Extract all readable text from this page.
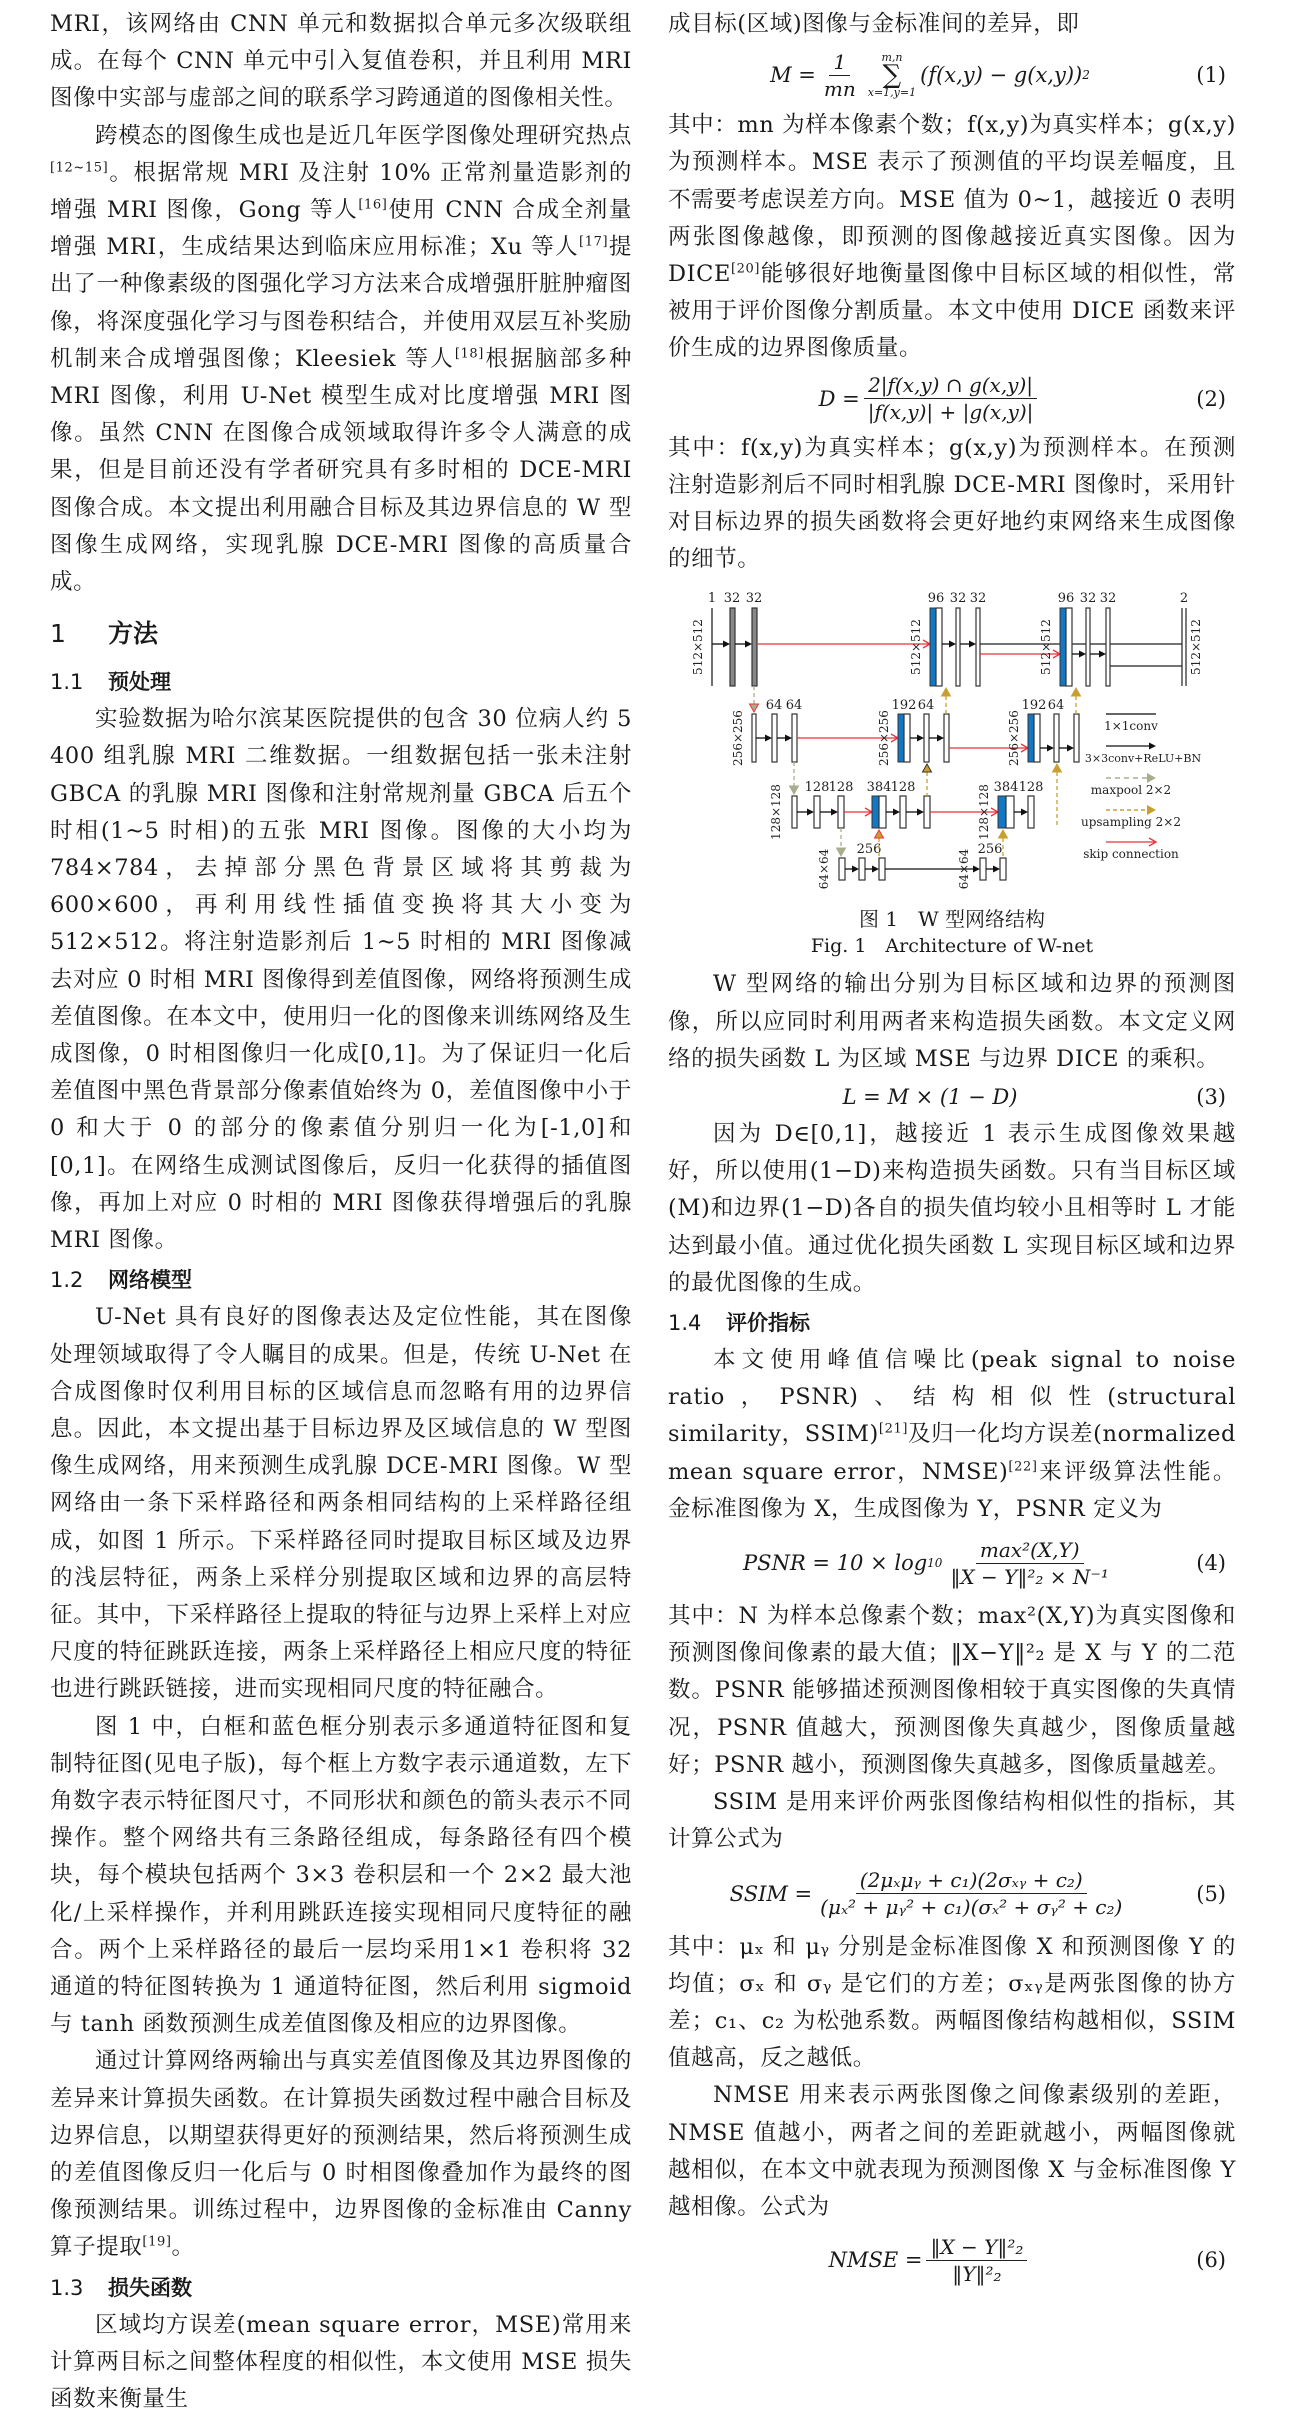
MRI，该网络由 CNN 单元和数据拟合单元多次级联组成。在每个 CNN 单元中引入复值卷积，并且利用 MRI 图像中实部与虚部之间的联系学习跨通道的图像相关性。

跨模态的图像生成也是近几年医学图像处理研究热点[12~15]。根据常规 MRI 及注射 10% 正常剂量造影剂的增强 MRI 图像，Gong 等人[16]使用 CNN 合成全剂量增强 MRI，生成结果达到临床应用标准；Xu 等人[17]提出了一种像素级的图强化学习方法来合成增强肝脏肿瘤图像，将深度强化学习与图卷积结合，并使用双层互补奖励机制来合成增强图像；Kleesiek 等人[18]根据脑部多种 MRI 图像，利用 U-Net 模型生成对比度增强 MRI 图像。虽然 CNN 在图像合成领域取得许多令人满意的成果，但是目前还没有学者研究具有多时相的 DCE-MRI 图像合成。本文提出利用融合目标及其边界信息的 W 型图像生成网络，实现乳腺 DCE-MRI 图像的高质量合成。

1 方法
1.1 预处理

实验数据为哈尔滨某医院提供的包含 30 位病人约 5 400 组乳腺 MRI 二维数据。一组数据包括一张未注射 GBCA 的乳腺 MRI 图像和注射常规剂量 GBCA 后五个时相(1~5 时相)的五张 MRI 图像。图像的大小均为 784×784，去掉部分黑色背景区域将其剪裁为 600×600，再利用线性插值变换将其大小变为 512×512。将注射造影剂后 1~5 时相的 MRI 图像减去对应 0 时相 MRI 图像得到差值图像，网络将预测生成差值图像。在本文中，使用归一化的图像来训练网络及生成图像，0 时相图像归一化成[0,1]。为了保证归一化后差值图中黑色背景部分像素值始终为 0，差值图像中小于 0 和大于 0 的部分的像素值分别归一化为[-1,0]和[0,1]。在网络生成测试图像后，反归一化获得的插值图像，再加上对应 0 时相的 MRI 图像获得增强后的乳腺 MRI 图像。

1.2 网络模型

U-Net 具有良好的图像表达及定位性能，其在图像处理领域取得了令人瞩目的成果。但是，传统 U-Net 在合成图像时仅利用目标的区域信息而忽略有用的边界信息。因此，本文提出基于目标边界及区域信息的 W 型图像生成网络，用来预测生成乳腺 DCE-MRI 图像。W 型网络由一条下采样路径和两条相同结构的上采样路径组成，如图 1 所示。下采样路径同时提取目标区域及边界的浅层特征，两条上采样分别提取区域和边界的高层特征。其中，下采样路径上提取的特征与边界上采样上对应尺度的特征跳跃连接，两条上采样路径上相应尺度的特征也进行跳跃链接，进而实现相同尺度的特征融合。

图 1 中，白框和蓝色框分别表示多通道特征图和复制特征图(见电子版)，每个框上方数字表示通道数，左下角数字表示特征图尺寸，不同形状和颜色的箭头表示不同操作。整个网络共有三条路径组成，每条路径有四个模块，每个模块包括两个 3×3 卷积层和一个 2×2 最大池化/上采样操作，并利用跳跃连接实现相同尺度特征的融合。两个上采样路径的最后一层均采用1×1 卷积将 32 通道的特征图转换为 1 通道特征图，然后利用 sigmoid 与 tanh 函数预测生成差值图像及相应的边界图像。

通过计算网络两输出与真实差值图像及其边界图像的差异来计算损失函数。在计算损失函数过程中融合目标及边界信息，以期望获得更好的预测结果，然后将预测生成的差值图像反归一化后与 0 时相图像叠加作为最终的图像预测结果。训练过程中，边界图像的金标准由 Canny 算子提取[19]。

1.3 损失函数

区域均方误差(mean square error，MSE)常用来计算两目标之间整体程度的相似性，本文使用 MSE 损失函数来衡量生

成目标(区域)图像与金标准间的差异，即

$M = \frac{1}{mn} m,n$
∑
x=1,y=1
(f(x,y) − g(x,y)) 2	(1)

其中：mn 为样本像素个数；f(x,y)为真实样本；g(x,y)为预测样本。MSE 表示了预测值的平均误差幅度，且不需要考虑误差方向。MSE 值为 0~1，越接近 0 表明两张图像越像，即预测的图像越接近真实图像。因为 DICE[20]能够很好地衡量图像中目标区域的相似性，常被用于评价图像分割质量。本文中使用 DICE 函数来评价生成的边界图像质量。

$D = \frac{2|f(x,y) \cap g(x,y)|}{|f(x,y)| + |g(x,y)|}$	(2)

其中：f(x,y)为真实样本；g(x,y)为预测样本。在预测注射造影剂后不同时相乳腺 DCE-MRI 图像时，采用针对目标边界的损失函数将会更好地约束网络来生成图像的细节。

1 32 32
512×512
96 32 32
512×512
96 32 32
512×512
2
512×512
64 64
256×256
192 64
256×256
192 64
256×256
128 128
128×128	384 128	384 128
128×128
256
64×64	256
64×64
1×1conv
3×3conv+ReLU+BN
maxpool 2×2
upsampling 2×2
skip connection
图 1　W 型网络结构
Fig. 1　Architecture of W-net

W 型网络的输出分别为目标区域和边界的预测图像，所以应同时利用两者来构造损失函数。本文定义网络的损失函数 L 为区域 MSE 与边界 DICE 的乘积。

L = M × (1 − D)	(3)

因为 D∈[0,1]，越接近 1 表示生成图像效果越好，所以使用(1−D)来构造损失函数。只有当目标区域(M)和边界(1−D)各自的损失值均较小且相等时 L 才能达到最小值。通过优化损失函数 L 实现目标区域和边界的最优图像的生成。

1.4 评价指标

本文使用峰值信噪比(peak signal to noise ratio，PSNR)、结构相似性(structural similarity，SSIM)[21]及归一化均方误差(normalized mean square error，NMSE)[22]来评级算法性能。金标准图像为 X，生成图像为 Y，PSNR 定义为

PSNR = $10 \times \log 10 \frac{\text{max²(X,Y)}}{\text{‖X − Y‖²₂ × N⁻¹}}$	(4)

其中：N 为样本总像素个数；max²(X,Y)为真实图像和预测图像间像素的最大值；‖X−Y‖²₂ 是 X 与 Y 的二范数。PSNR 能够描述预测图像相较于真实图像的失真情况，PSNR 值越大，预测图像失真越少，图像质量越好；PSNR 越小，预测图像失真越多，图像质量越差。

SSIM 是用来评价两张图像结构相似性的指标，其计算公式为

SSIM = $\frac{\text{(2μₓμᵧ + c₁)(2σₓᵧ + c₂)}}{\text{(μₓ² + μᵧ² + c₁)(σₓ² + σᵧ² + c₂)}}$	(5)

其中：μₓ 和 μᵧ 分别是金标准图像 X 和预测图像 Y 的均值；σₓ 和 σᵧ 是它们的方差；σₓᵧ是两张图像的协方差；c₁、c₂ 为松弛系数。两幅图像结构越相似，SSIM 值越高，反之越低。

NMSE 用来表示两张图像之间像素级别的差距，NMSE 值越小，两者之间的差距就越小，两幅图像就越相似，在本文中就表现为预测图像 X 与金标准图像 Y 越相像。公式为

NMSE = $\frac{\text{‖X − Y‖²₂}}{\text{‖Y‖²₂}}$	(6)
